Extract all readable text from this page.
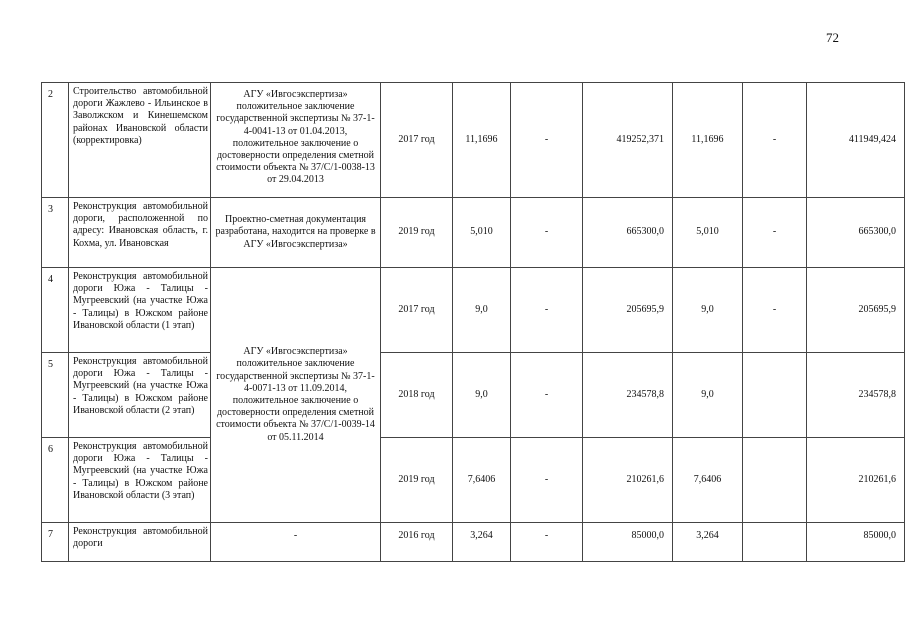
72
2	Строительство автомобильной дороги Жажлево - Ильинское в Заволжском и Кинешемском районах Ивановской области (корректировка)	АГУ «Ивгосэкспертиза» положительное заключение государственной экспертизы № 37-1-4-0041-13 от 01.04.2013, положительное заключение о достоверности определения сметной стоимости объекта № 37/С/1-0038-13 от 29.04.2013	2017 год	11,1696	-	419252,371	11,1696	-	411949,424
3	Реконструкция автомобильной дороги, расположенной по адресу: Ивановская область, г. Кохма, ул. Ивановская	Проектно-сметная документация разработана, находится на проверке в АГУ «Ивгосэкспертиза»	2019 год	5,010	-	665300,0	5,010	-	665300,0
4	Реконструкция автомобильной дороги Южа - Талицы - Мугреевский (на участке Южа - Талицы) в Южском районе Ивановской области (1 этап)	АГУ «Ивгосэкспертиза» положительное заключение государственной экспертизы № 37-1-4-0071-13 от 11.09.2014, положительное заключение о достоверности определения сметной стоимости объекта № 37/С/1-0039-14 от 05.11.2014	2017 год	9,0	-	205695,9	9,0	-	205695,9
5	Реконструкция автомобильной дороги Южа - Талицы - Мугреевский (на участке Южа - Талицы) в Южском районе Ивановской области (2 этап)		2018 год	9,0	-	234578,8	9,0		234578,8
6	Реконструкция автомобильной дороги Южа - Талицы - Мугреевский (на участке Южа - Талицы) в Южском районе Ивановской области (3 этап)		2019 год	7,6406	-	210261,6	7,6406		210261,6
7	Реконструкция автомобильной дороги	-	2016 год	3,264	-	85000,0	3,264		85000,0
